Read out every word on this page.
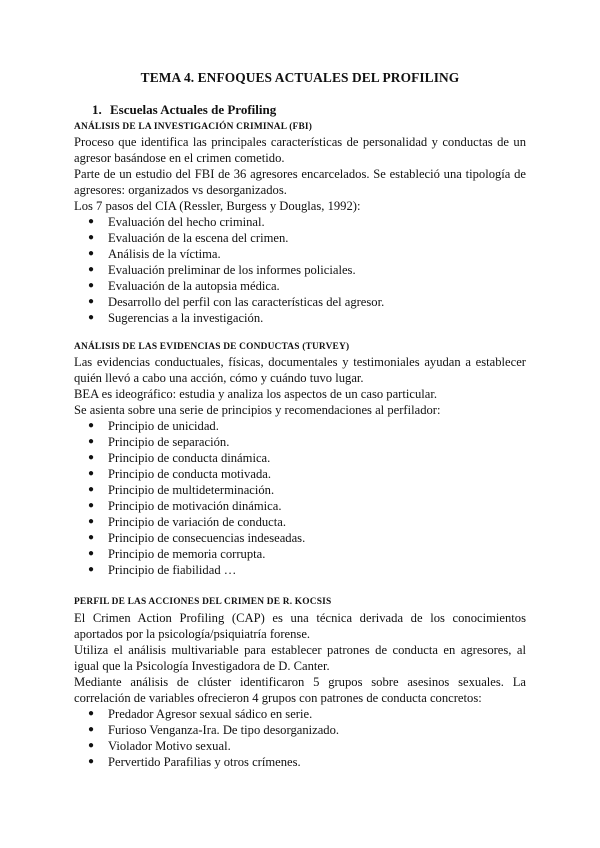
TEMA 4. ENFOQUES ACTUALES DEL PROFILING
1. Escuelas Actuales de Profiling
ANÁLISIS DE LA INVESTIGACIÓN CRIMINAL (FBI)
Proceso que identifica las principales características de personalidad y conductas de un agresor basándose en el crimen cometido.
Parte de un estudio del FBI de 36 agresores encarcelados. Se estableció una tipología de agresores: organizados vs desorganizados.
Los 7 pasos del CIA (Ressler, Burgess y Douglas, 1992):
● Evaluación del hecho criminal.
● Evaluación de la escena del crimen.
● Análisis de la víctima.
● Evaluación preliminar de los informes policiales.
● Evaluación de la autopsia médica.
● Desarrollo del perfil con las características del agresor.
● Sugerencias a la investigación.
ANÁLISIS DE LAS EVIDENCIAS DE CONDUCTAS (TURVEY)
Las evidencias conductuales, físicas, documentales y testimoniales ayudan a establecer quién llevó a cabo una acción, cómo y cuándo tuvo lugar.
BEA es ideográfico: estudia y analiza los aspectos de un caso particular.
Se asienta sobre una serie de principios y recomendaciones al perfilador:
● Principio de unicidad.
● Principio de separación.
● Principio de conducta dinámica.
● Principio de conducta motivada.
● Principio de multideterminación.
● Principio de motivación dinámica.
● Principio de variación de conducta.
● Principio de consecuencias indeseadas.
● Principio de memoria corrupta.
● Principio de fiabilidad …
PERFIL DE LAS ACCIONES DEL CRIMEN DE R. KOCSIS
El Crimen Action Profiling (CAP) es una técnica derivada de los conocimientos aportados por la psicología/psiquiatría forense.
Utiliza el análisis multivariable para establecer patrones de conducta en agresores, al igual que la Psicología Investigadora de D. Canter.
Mediante análisis de clúster identificaron 5 grupos sobre asesinos sexuales. La correlación de variables ofrecieron 4 grupos con patrones de conducta concretos:
● Predador Agresor sexual sádico en serie.
● Furioso Venganza-Ira. De tipo desorganizado.
● Violador Motivo sexual.
● Pervertido Parafilias y otros crímenes.
